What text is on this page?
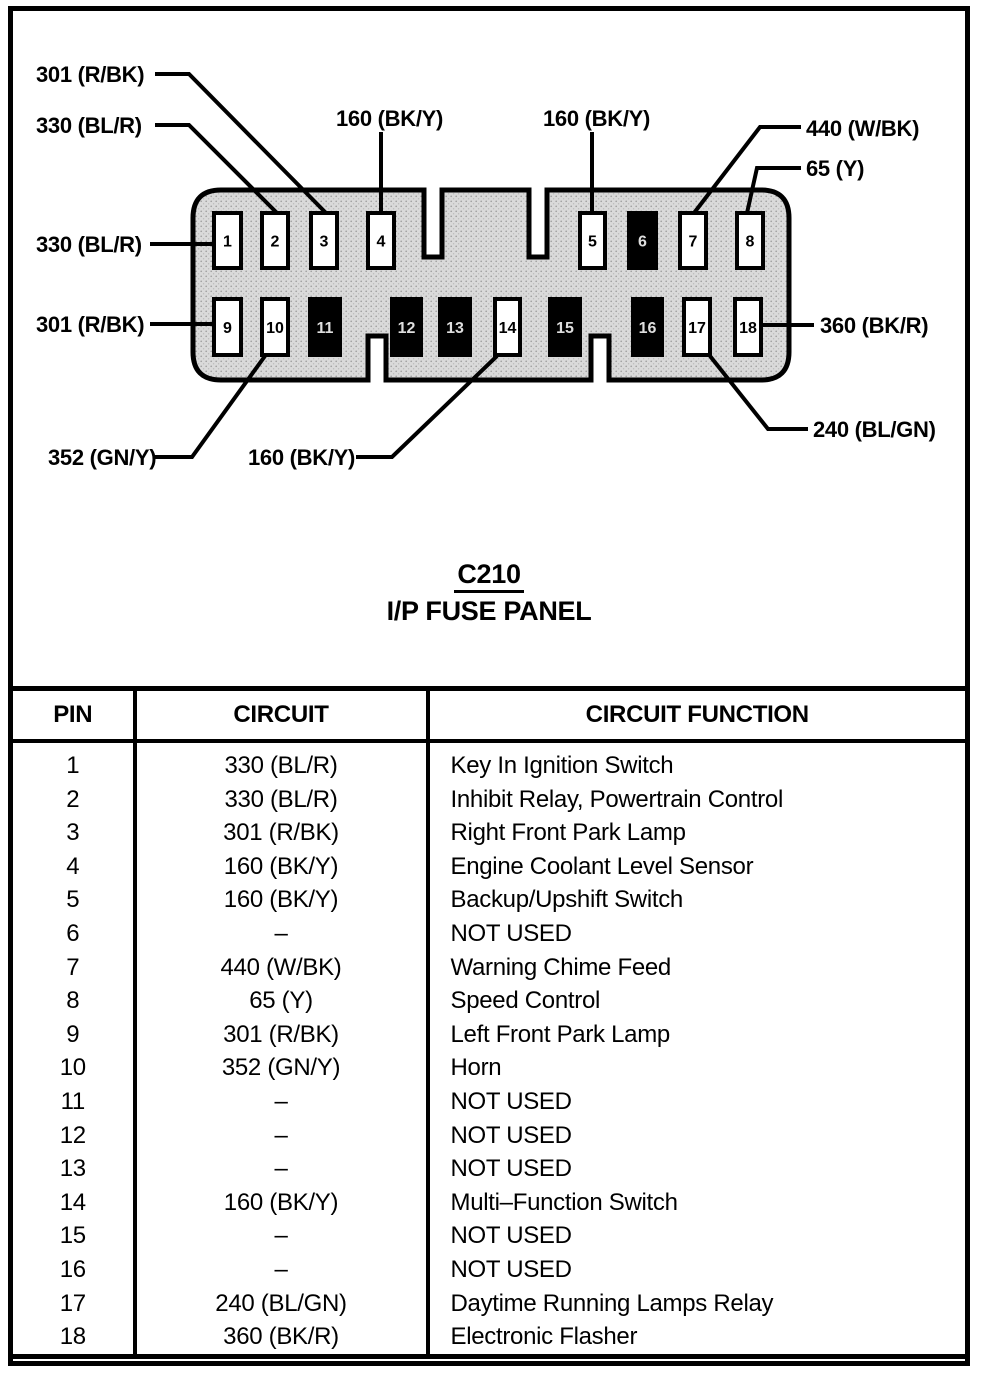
1 2	3	4	5	6	7	8
9 10 11	12 13 14 15	16 17 18
301 (R/BK)
330 (BL/R)	160 (BK/Y)	160 (BK/Y)	440 (W/BK)
65 (Y)
330 (BL/R)
301 (R/BK)	360 (BK/R)
352 (GN/Y)	160 (BK/Y)
240 (BL/GN)
C210
I/P FUSE PANEL
PIN	CIRCUIT	CIRCUIT FUNCTION
1	330 (BL/R)	Key In Ignition Switch
2	330 (BL/R)	Inhibit Relay, Powertrain Control
3	301 (R/BK)	Right Front Park Lamp
4	160 (BK/Y)	Engine Coolant Level Sensor
5	160 (BK/Y)	Backup/Upshift Switch
6	–	NOT USED
7	440 (W/BK)	Warning Chime Feed
8	65 (Y)	Speed Control
9	301 (R/BK)	Left Front Park Lamp
10	352 (GN/Y)	Horn
11	–	NOT USED
12	–	NOT USED
13	–	NOT USED
14	160 (BK/Y)	Multi–Function Switch
15	–	NOT USED
16	–	NOT USED
17	240 (BL/GN)	Daytime Running Lamps Relay
18	360 (BK/R)	Electronic Flasher
